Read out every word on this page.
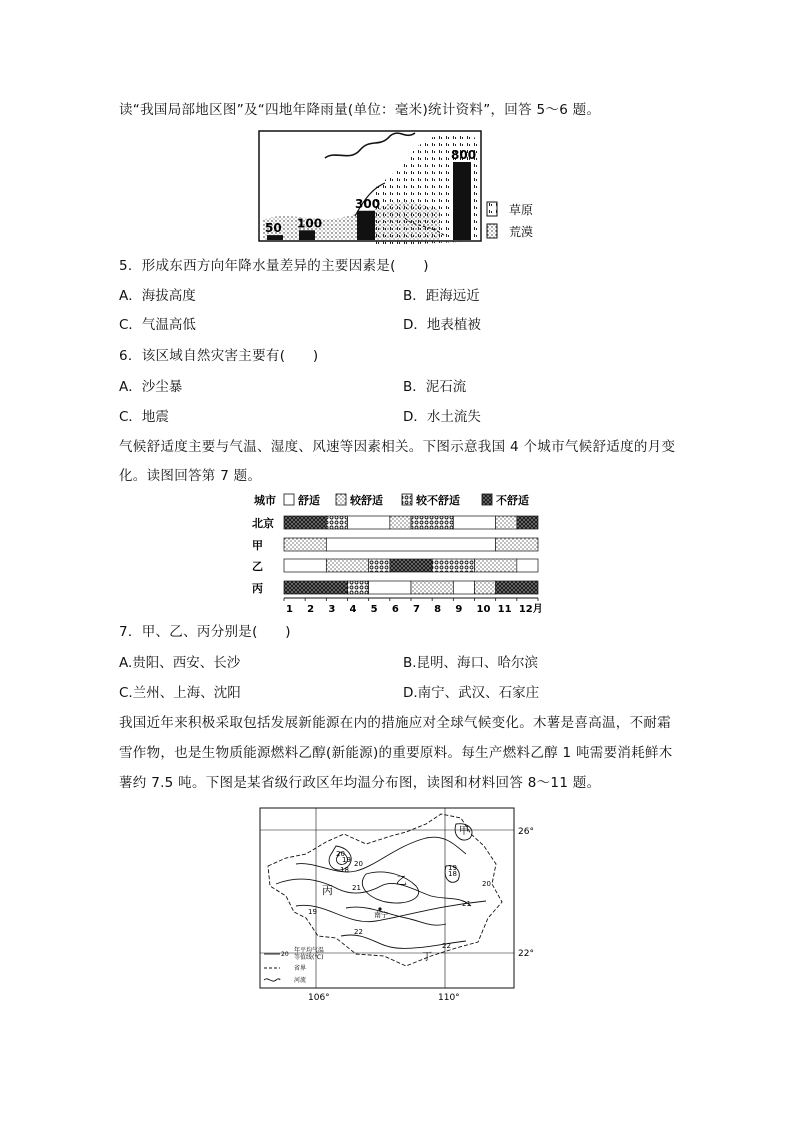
读“我国局部地区图”及“四地年降雨量(单位：毫米)统计资料”，回答 5～6 题。
50 100
300
800
草原
荒漠
5．形成东西方向年降水量差异的主要因素是(　　)
A．海拔高度	B．距海远近
C．气温高低	D．地表植被
6．该区域自然灾害主要有(　　)
A．沙尘暴	B．泥石流
C．地震	D．水土流失
气候舒适度主要与气温、湿度、风速等因素相关。下图示意我国 4 个城市气候舒适度的月变
化。读图回答第 7 题。
城市 舒适	较舒适	较不舒适	不舒适
北京
甲
乙
丙
1 2 3 4 5 6 7 8 9 10 11 12月
7．甲、乙、丙分别是(　　)
A.贵阳、西安、长沙	B.昆明、海口、哈尔滨
C.兰州、上海、沈阳	D.南宁、武汉、石家庄
我国近年来积极采取包括发展新能源在内的措施应对全球气候变化。木薯是喜高温，不耐霜
雪作物，也是生物质能源燃料乙醇(新能源)的重要原料。每生产燃料乙醇 1 吨需要消耗鲜木
薯约 7.5 吨。下图是某省级行政区年均温分布图，读图和材料回答 8～11 题。
26°
22°
106°	110°
甲
乙
丙
丁
南宁
20
20
19
18
19
20
21
21
22
22
19
18
20
年平均气温
等值线(℃)
省界
河流
